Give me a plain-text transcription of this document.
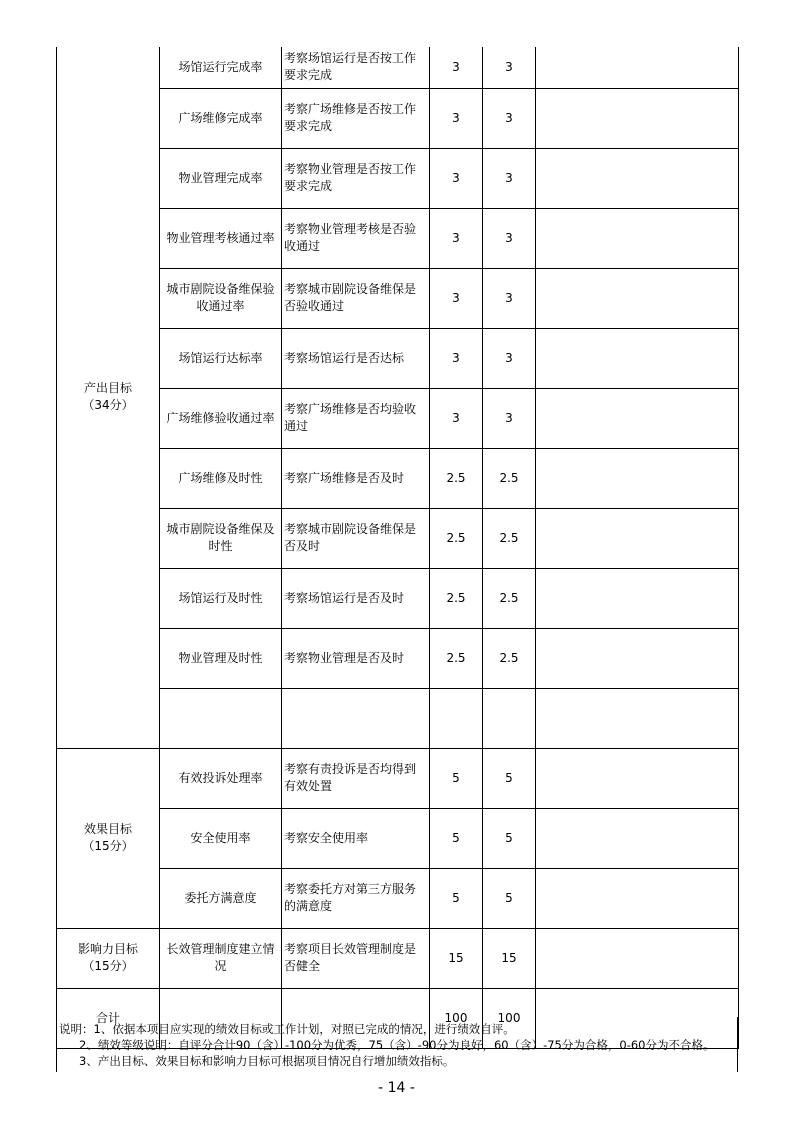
产出目标
（34分）	场馆运行完成率	考察场馆运行是否按工作要求完成	3	3	
	广场维修完成率	考察广场维修是否按工作要求完成	3	3	
	物业管理完成率	考察物业管理是否按工作要求完成	3	3	
	物业管理考核通过率	考察物业管理考核是否验收通过	3	3	
	城市剧院设备维保验收通过率	考察城市剧院设备维保是否验收通过	3	3	
	场馆运行达标率	考察场馆运行是否达标	3	3	
	广场维修验收通过率	考察广场维修是否均验收通过	3	3	
	广场维修及时性	考察广场维修是否及时	2.5	2.5	
	城市剧院设备维保及时性	考察城市剧院设备维保是否及时	2.5	2.5	
	场馆运行及时性	考察场馆运行是否及时	2.5	2.5	
	物业管理及时性	考察物业管理是否及时	2.5	2.5	

效果目标
（15分）	有效投诉处理率	考察有责投诉是否均得到有效处置	5	5	
	安全使用率	考察安全使用率	5	5	
	委托方满意度	考察委托方对第三方服务的满意度	5	5	
影响力目标
（15分）	长效管理制度建立情况	考察项目长效管理制度是否健全	15	15	
合计			100	100	
说明：1、依据本项目应实现的绩效目标或工作计划，对照已完成的情况，进行绩效自评。
2、绩效等级说明：自评分合计90（含）-100分为优秀，75（含）-90分为良好，60（含）-75分为合格，0-60分为不合格。
3、产出目标、效果目标和影响力目标可根据项目情况自行增加绩效指标。
- 14 -
